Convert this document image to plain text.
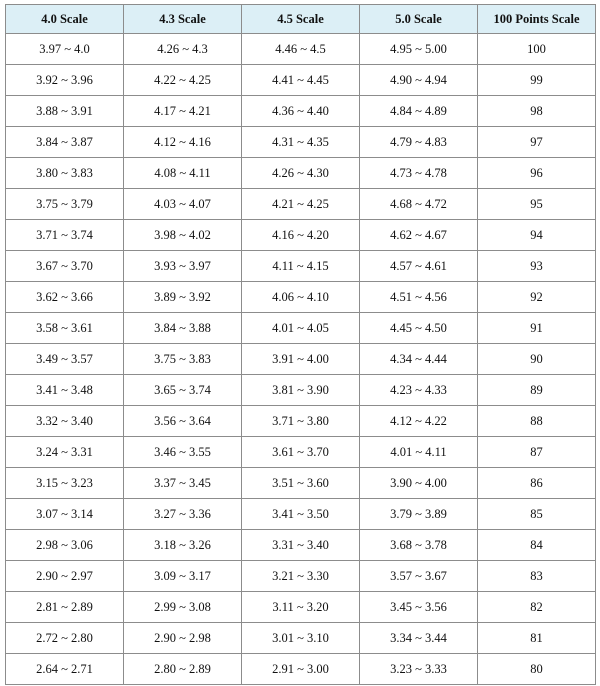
4.0 Scale	4.3 Scale	4.5 Scale	5.0 Scale	100 Points Scale
3.97 ~ 4.0	4.26 ~ 4.3	4.46 ~ 4.5	4.95 ~ 5.00	100
3.92 ~ 3.96	4.22 ~ 4.25	4.41 ~ 4.45	4.90 ~ 4.94	99
3.88 ~ 3.91	4.17 ~ 4.21	4.36 ~ 4.40	4.84 ~ 4.89	98
3.84 ~ 3.87	4.12 ~ 4.16	4.31 ~ 4.35	4.79 ~ 4.83	97
3.80 ~ 3.83	4.08 ~ 4.11	4.26 ~ 4.30	4.73 ~ 4.78	96
3.75 ~ 3.79	4.03 ~ 4.07	4.21 ~ 4.25	4.68 ~ 4.72	95
3.71 ~ 3.74	3.98 ~ 4.02	4.16 ~ 4.20	4.62 ~ 4.67	94
3.67 ~ 3.70	3.93 ~ 3.97	4.11 ~ 4.15	4.57 ~ 4.61	93
3.62 ~ 3.66	3.89 ~ 3.92	4.06 ~ 4.10	4.51 ~ 4.56	92
3.58 ~ 3.61	3.84 ~ 3.88	4.01 ~ 4.05	4.45 ~ 4.50	91
3.49 ~ 3.57	3.75 ~ 3.83	3.91 ~ 4.00	4.34 ~ 4.44	90
3.41 ~ 3.48	3.65 ~ 3.74	3.81 ~ 3.90	4.23 ~ 4.33	89
3.32 ~ 3.40	3.56 ~ 3.64	3.71 ~ 3.80	4.12 ~ 4.22	88
3.24 ~ 3.31	3.46 ~ 3.55	3.61 ~ 3.70	4.01 ~ 4.11	87
3.15 ~ 3.23	3.37 ~ 3.45	3.51 ~ 3.60	3.90 ~ 4.00	86
3.07 ~ 3.14	3.27 ~ 3.36	3.41 ~ 3.50	3.79 ~ 3.89	85
2.98 ~ 3.06	3.18 ~ 3.26	3.31 ~ 3.40	3.68 ~ 3.78	84
2.90 ~ 2.97	3.09 ~ 3.17	3.21 ~ 3.30	3.57 ~ 3.67	83
2.81 ~ 2.89	2.99 ~ 3.08	3.11 ~ 3.20	3.45 ~ 3.56	82
2.72 ~ 2.80	2.90 ~ 2.98	3.01 ~ 3.10	3.34 ~ 3.44	81
2.64 ~ 2.71	2.80 ~ 2.89	2.91 ~ 3.00	3.23 ~ 3.33	80
